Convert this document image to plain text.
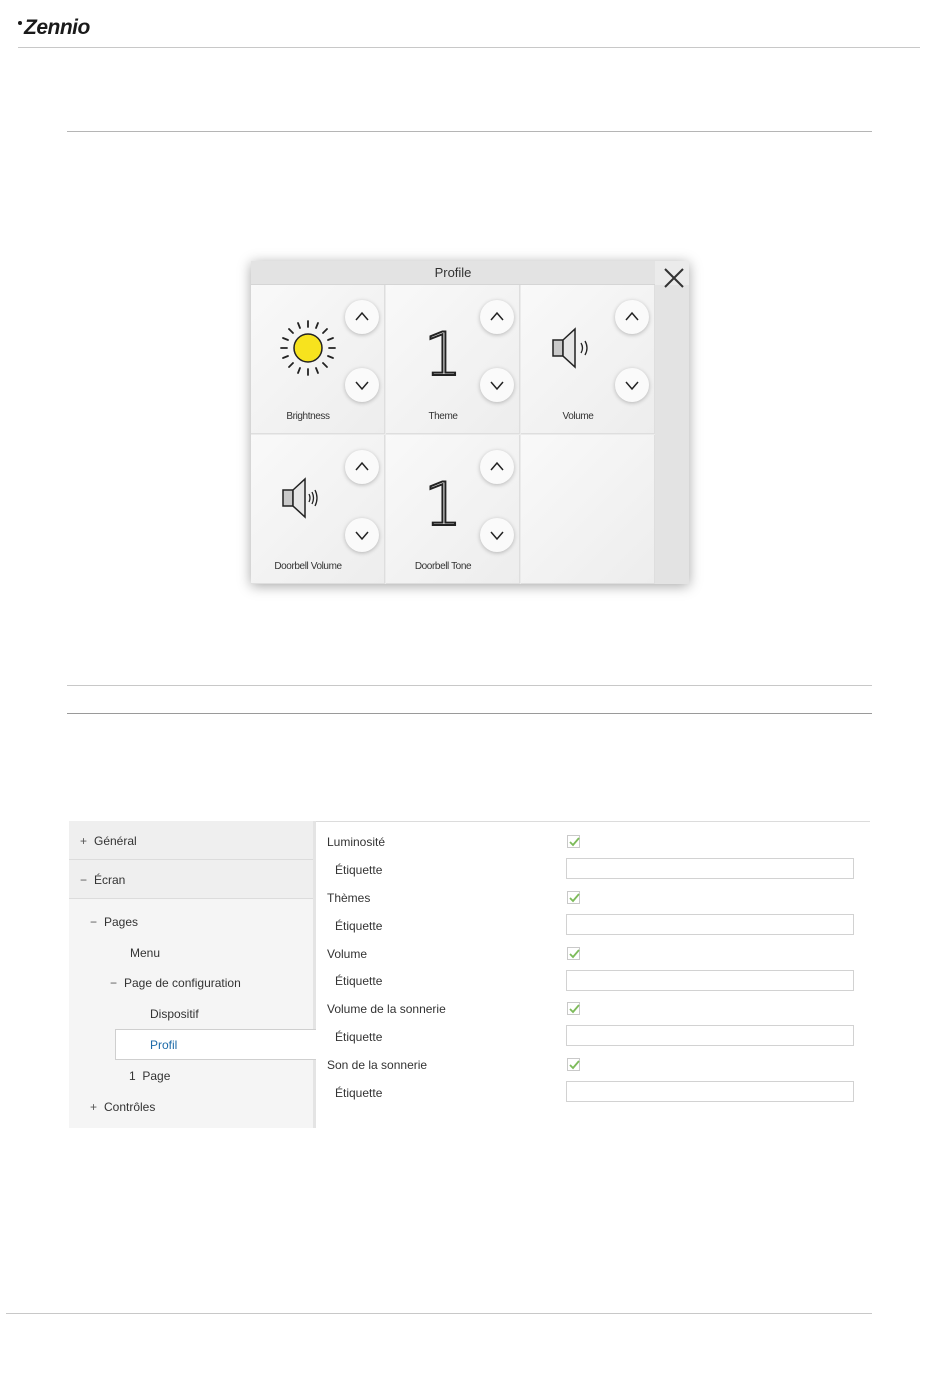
Zennio
Profile
Brightness
1
Theme	Volume
Doorbell Volume
1
Doorbell Tone
+ Général
− Écran
− Pages
Menu
− Page de configuration
Dispositif
Profil
1 Page
+ Contrôles
Luminosité
Étiquette
Thèmes
Étiquette
Volume
Étiquette
Volume de la sonnerie
Étiquette
Son de la sonnerie
Étiquette
